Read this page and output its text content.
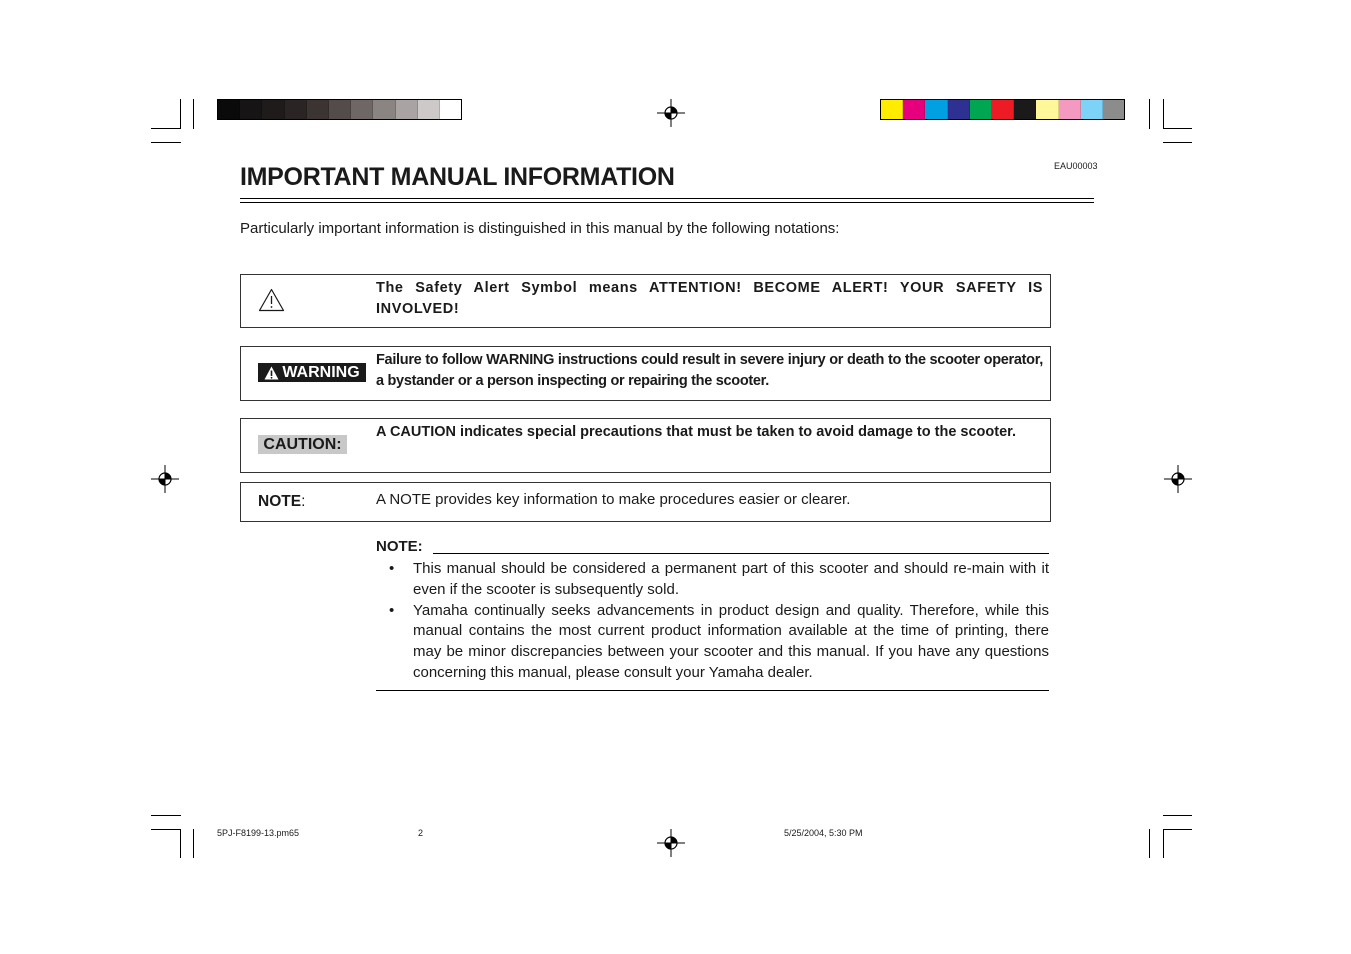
EAU00003
IMPORTANT MANUAL INFORMATION
Particularly important information is distinguished in this manual by the following notations:
The Safety Alert Symbol means ATTENTION! BECOME ALERT! YOUR SAFETY IS INVOLVED!
WARNING
Failure to follow WARNING instructions could result in severe injury or death to the scooter operator, a bystander or a person inspecting or repairing the scooter.
CAUTION:
A CAUTION indicates special precautions that must be taken to avoid damage to the scooter.
NOTE:	A NOTE provides key information to make procedures easier or clearer.
NOTE:
• This manual should be considered a permanent part of this scooter and should re-main with it even if the scooter is subsequently sold.
• Yamaha continually seeks advancements in product design and quality. Therefore, while this manual contains the most current product information available at the time of printing, there may be minor discrepancies between your scooter and this manual. If you have any questions concerning this manual, please consult your Yamaha dealer.
5PJ-F8199-13.pm65	2	5/25/2004, 5:30 PM
